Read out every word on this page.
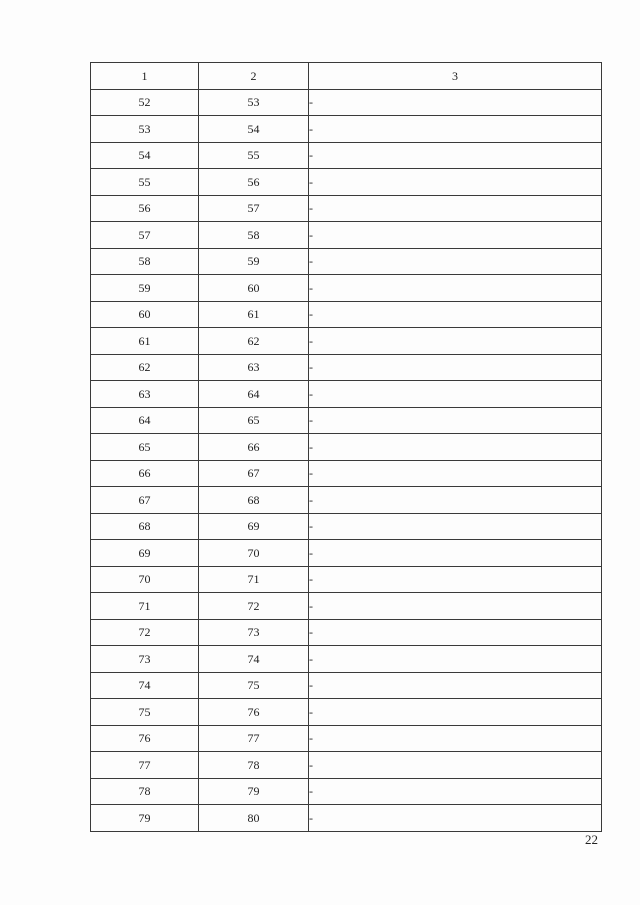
1	2	3
52	53	-
53	54	-
54	55	-
55	56	-
56	57	-
57	58	-
58	59	-
59	60	-
60	61	-
61	62	-
62	63	-
63	64	-
64	65	-
65	66	-
66	67	-
67	68	-
68	69	-
69	70	-
70	71	-
71	72	-
72	73	-
73	74	-
74	75	-
75	76	-
76	77	-
77	78	-
78	79	-
79	80	-
22
